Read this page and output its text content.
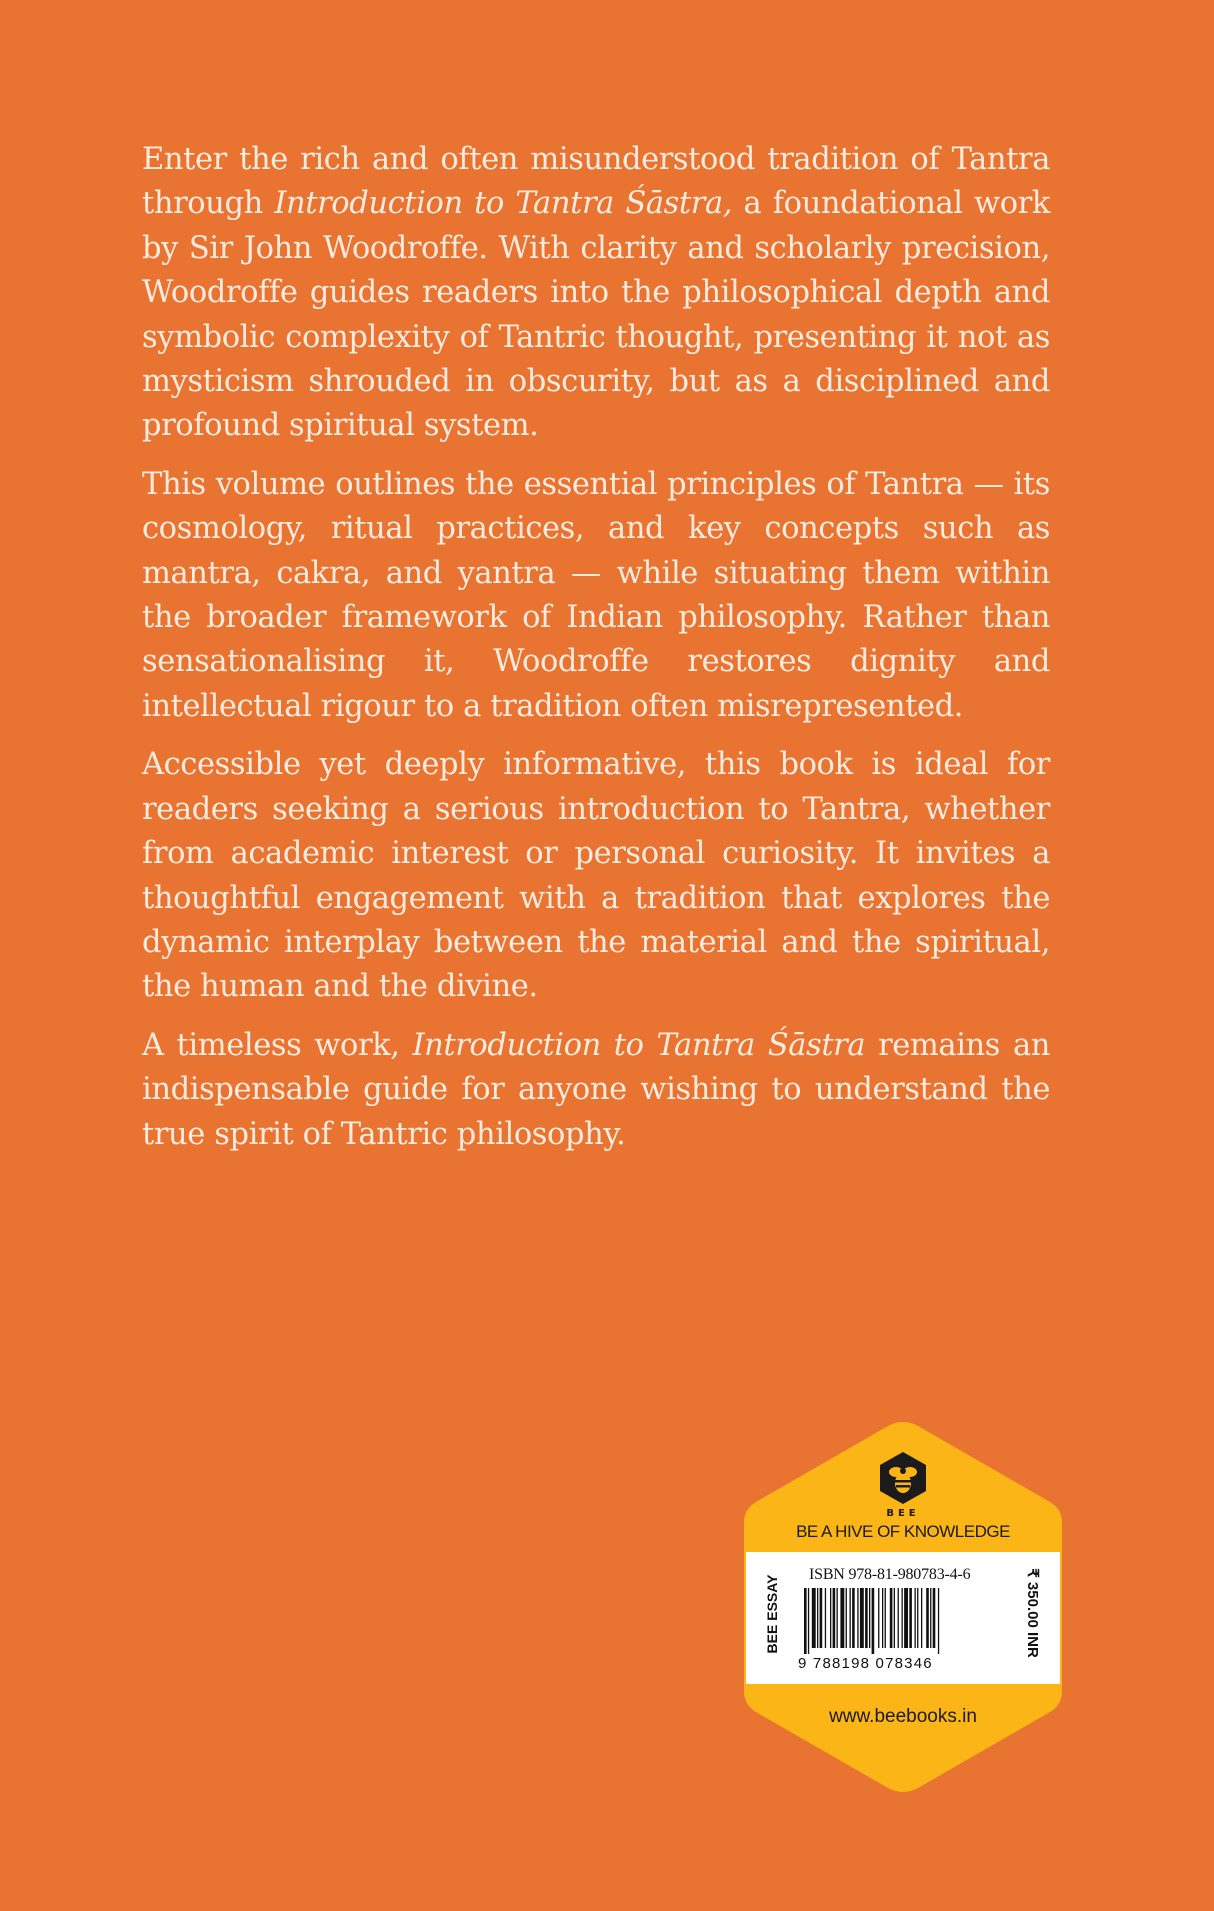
Enter the rich and often misunderstood tradition of Tantra through Introduction to Tantra Śāstra, a foundational work by Sir John Woodroffe. With clarity and scholarly precision, Woodroffe guides readers into the philosophical depth and symbolic complexity of Tantric thought, presenting it not as mysticism shrouded in obscurity, but as a disciplined and profound spiritual system.

This volume outlines the essential principles of Tantra — its cosmology, ritual practices, and key concepts such as mantra, cakra, and yantra — while situating them within the broader framework of Indian philosophy. Rather than sensationalising it, Woodroffe restores dignity and intellectual rigour to a tradition often misrepresented.

Accessible yet deeply informative, this book is ideal for readers seeking a serious introduction to Tantra, whether from academic interest or personal curiosity. It invites a thoughtful engagement with a tradition that explores the dynamic interplay between the material and the spiritual, the human and the divine.

A timeless work, Introduction to Tantra Śāstra remains an indispensable guide for anyone wishing to understand the true spirit of Tantric philosophy.

BEE
BE A HIVE OF KNOWLEDGE
BEE ESSAY
ISBN 978-81-980783-4-6
9 788198 078346
₹ 350.00 INR
www.beebooks.in
